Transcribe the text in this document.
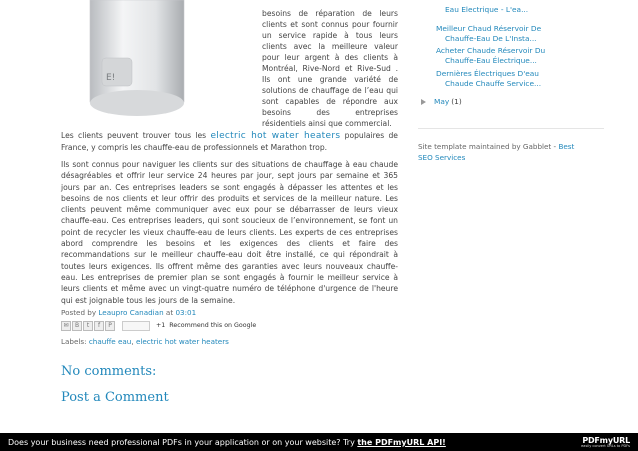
E!

besoins de réparation de leurs clients et sont connus pour fournir un service rapide à tous leurs clients avec la meilleure valeur pour leur argent à des clients à Montréal, Rive-Nord et Rive-Sud . Ils ont une grande variété de solutions de chauffage de l’eau qui sont capables de répondre aux besoins des entreprises résidentiels ainsi que commercial.

Les clients peuvent trouver tous les electric hot water heaters populaires de France, y compris les chauffe-eau de professionnels et Marathon trop.

Ils sont connus pour naviguer les clients sur des situations de chauffage à eau chaude désagréables et offrir leur service 24 heures par jour, sept jours par semaine et 365 jours par an. Ces entreprises leaders se sont engagés à dépasser les attentes et les besoins de nos clients et leur offrir des produits et services de la meilleur nature. Les clients peuvent même communiquer avec eux pour se débarrasser de leurs vieux chauffe-eau. Ces entreprises leaders, qui sont soucieux de l’environnement, se font un point de recycler les vieux chauffe-eau de leurs clients. Les experts de ces entreprises abord comprendre les besoins et les exigences des clients et faire des recommandations sur le meilleur chauffe-eau doit être installé, ce qui répondrait à toutes leurs exigences. Ils offrent même des garanties avec leurs nouveaux chauffe-eau. Les entreprises de premier plan se sont engagés à fournir le meilleur service à leurs clients et même avec un vingt-quatre numéro de téléphone d'urgence de l'heure qui est joignable tous les jours de la semaine.

Posted by Leaupro Canadian at 03:01
✉	B	t	f	P	+1 Recommend this on Google
Labels: chauffe eau, electric hot water heaters
No comments:
Post a Comment
Eau Electrique - L'ea...
Meilleur Chaud Réservoir De
Chauffe-Eau De L'Insta...
Acheter Chaude Réservoir Du
Chauffe-Eau Électrique...
Dernières Électriques D'eau
Chaude Chauffe Service...
May (1)
Site template maintained by Gabblet - Best SEO Services
Does your business need professional PDFs in your application or on your website? Try the PDFmyURL API!	PDFmyURL
easily convert URLs to PDFs
